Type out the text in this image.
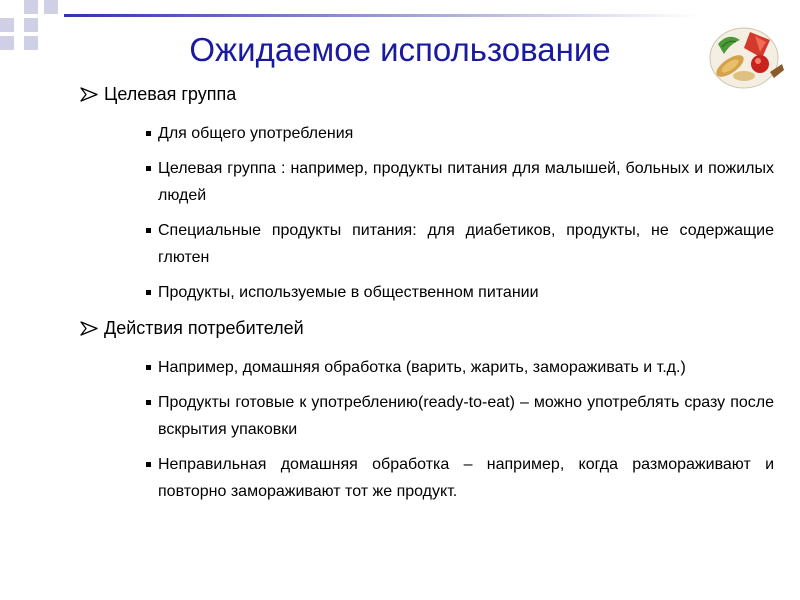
Ожидаемое использование
Целевая группа
Для общего употребления
Целевая группа : например, продукты питания для малышей, больных и пожилых людей
Специальные продукты питания: для диабетиков, продукты, не содержащие глютен
Продукты, используемые в общественном питании
Действия потребителей
Например, домашняя обработка (варить, жарить, замораживать и т.д.)
Продукты готовые к употреблению(ready-to-eat) – можно употреблять сразу после вскрытия упаковки
Неправильная домашняя обработка – например, когда размораживают и повторно замораживают тот же продукт.
